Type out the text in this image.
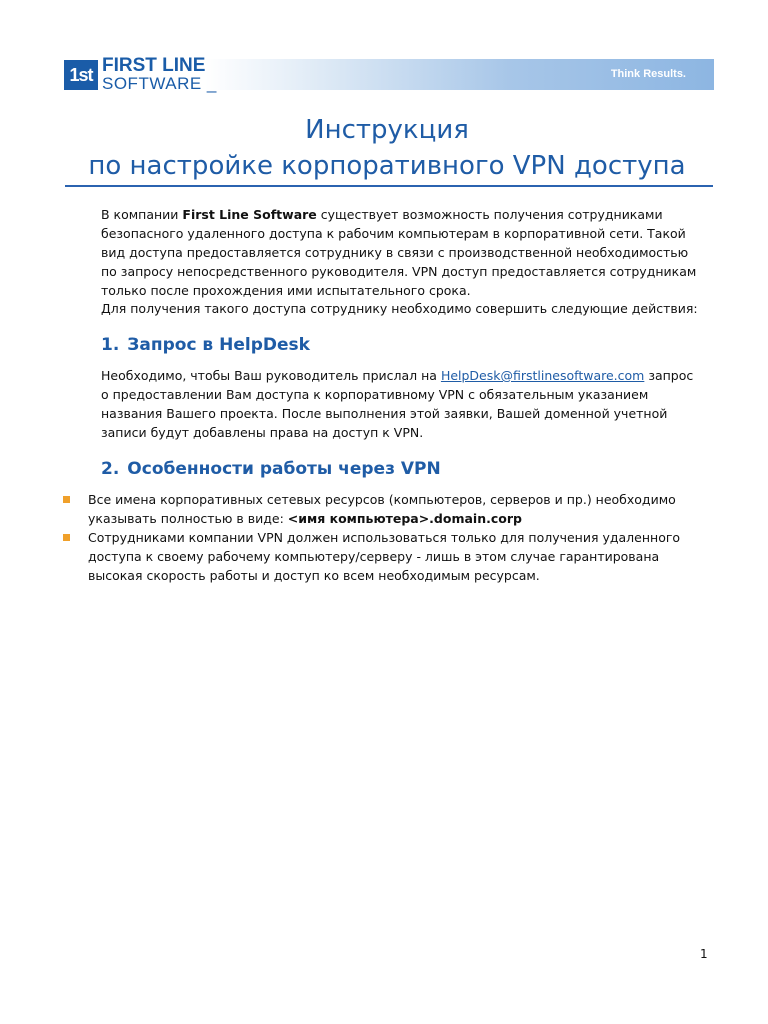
Think Results.
1st FIRST LINE
SOFTWARE _
Инструкция
по настройке корпоративного VPN доступа
В компании First Line Software существует возможность получения сотрудниками безопасного удаленного доступа к рабочим компьютерам в корпоративной сети. Такой вид доступа предоставляется сотруднику в связи с производственной необходимостью по запросу непосредственного руководителя. VPN доступ предоставляется сотрудникам только после прохождения ими испытательного срока.
Для получения такого доступа сотруднику необходимо совершить следующие действия:
1. Запрос в HelpDesk
Необходимо, чтобы Ваш руководитель прислал на HelpDesk@firstlinesoftware.com запрос о предоставлении Вам доступа к корпоративному VPN с обязательным указанием названия Вашего проекта. После выполнения этой заявки, Вашей доменной учетной записи будут добавлены права на доступ к VPN.
2. Особенности работы через VPN
Все имена корпоративных сетевых ресурсов (компьютеров, серверов и пр.) необходимо указывать полностью в виде: <имя компьютера>.domain.corp
Сотрудниками компании VPN должен использоваться только для получения удаленного доступа к своему рабочему компьютеру/серверу - лишь в этом случае гарантирована высокая скорость работы и доступ ко всем необходимым ресурсам.
1
